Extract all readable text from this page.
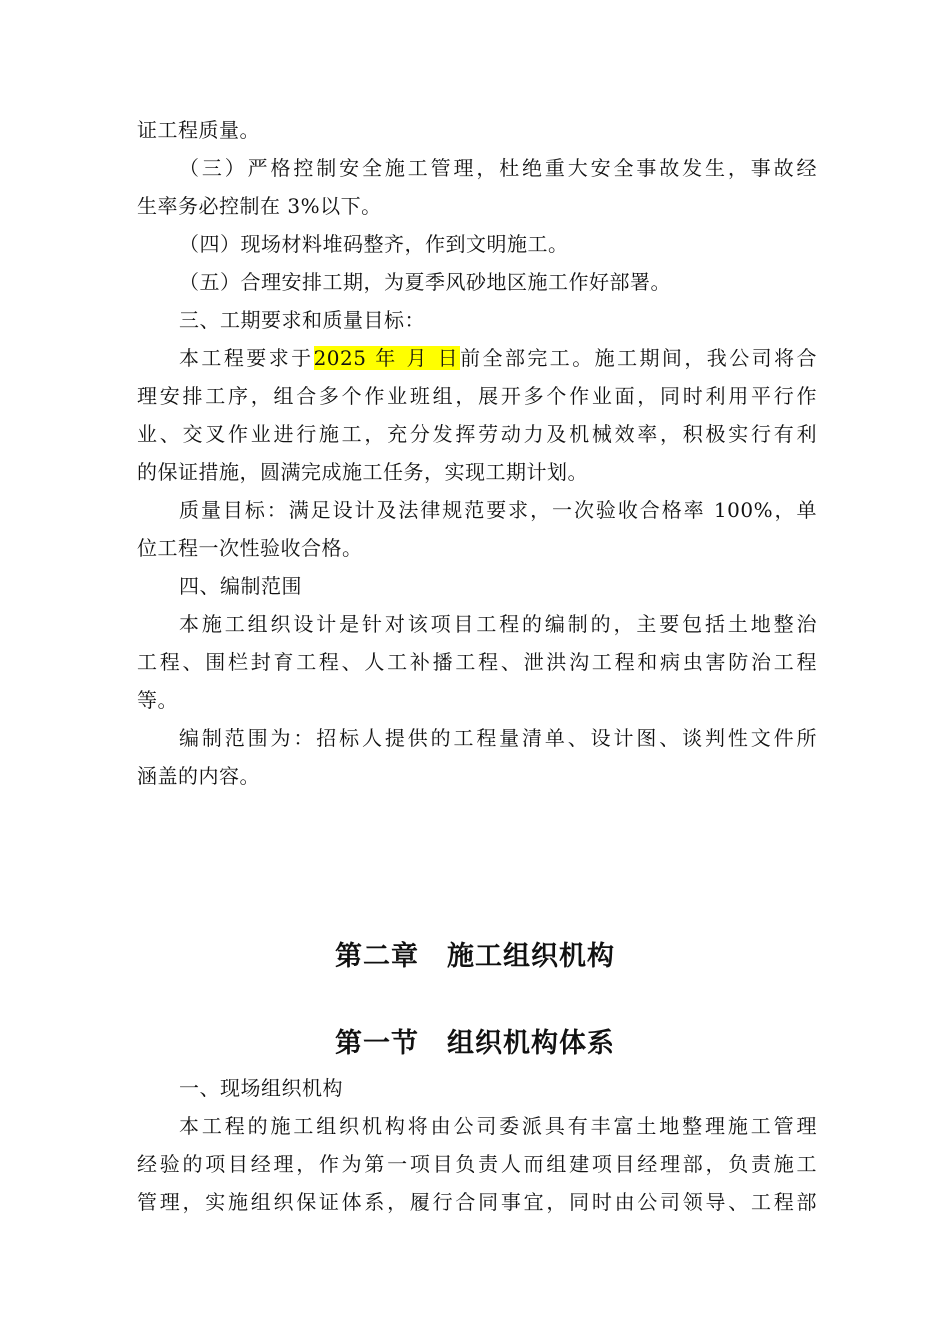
证工程质量。
（三）严格控制安全施工管理，杜绝重大安全事故发生，事故经
生率务必控制在 3%以下。
（四）现场材料堆码整齐，作到文明施工。
（五）合理安排工期，为夏季风砂地区施工作好部署。
三、工期要求和质量目标：
本工程要求于2025 年 月 日前全部完工。施工期间，我公司将合
理安排工序，组合多个作业班组，展开多个作业面，同时利用平行作
业、交叉作业进行施工，充分发挥劳动力及机械效率，积极实行有利
的保证措施，圆满完成施工任务，实现工期计划。
质量目标：满足设计及法律规范要求，一次验收合格率 100%，单
位工程一次性验收合格。
四、编制范围
本施工组织设计是针对该项目工程的编制的，主要包括土地整治
工程、围栏封育工程、人工补播工程、泄洪沟工程和病虫害防治工程
等。
编制范围为：招标人提供的工程量清单、设计图、谈判性文件所
涵盖的内容。
第二章　施工组织机构
第一节　组织机构体系
一、现场组织机构
本工程的施工组织机构将由公司委派具有丰富土地整理施工管理
经验的项目经理，作为第一项目负责人而组建项目经理部，负责施工
管理，实施组织保证体系，履行合同事宜，同时由公司领导、工程部
